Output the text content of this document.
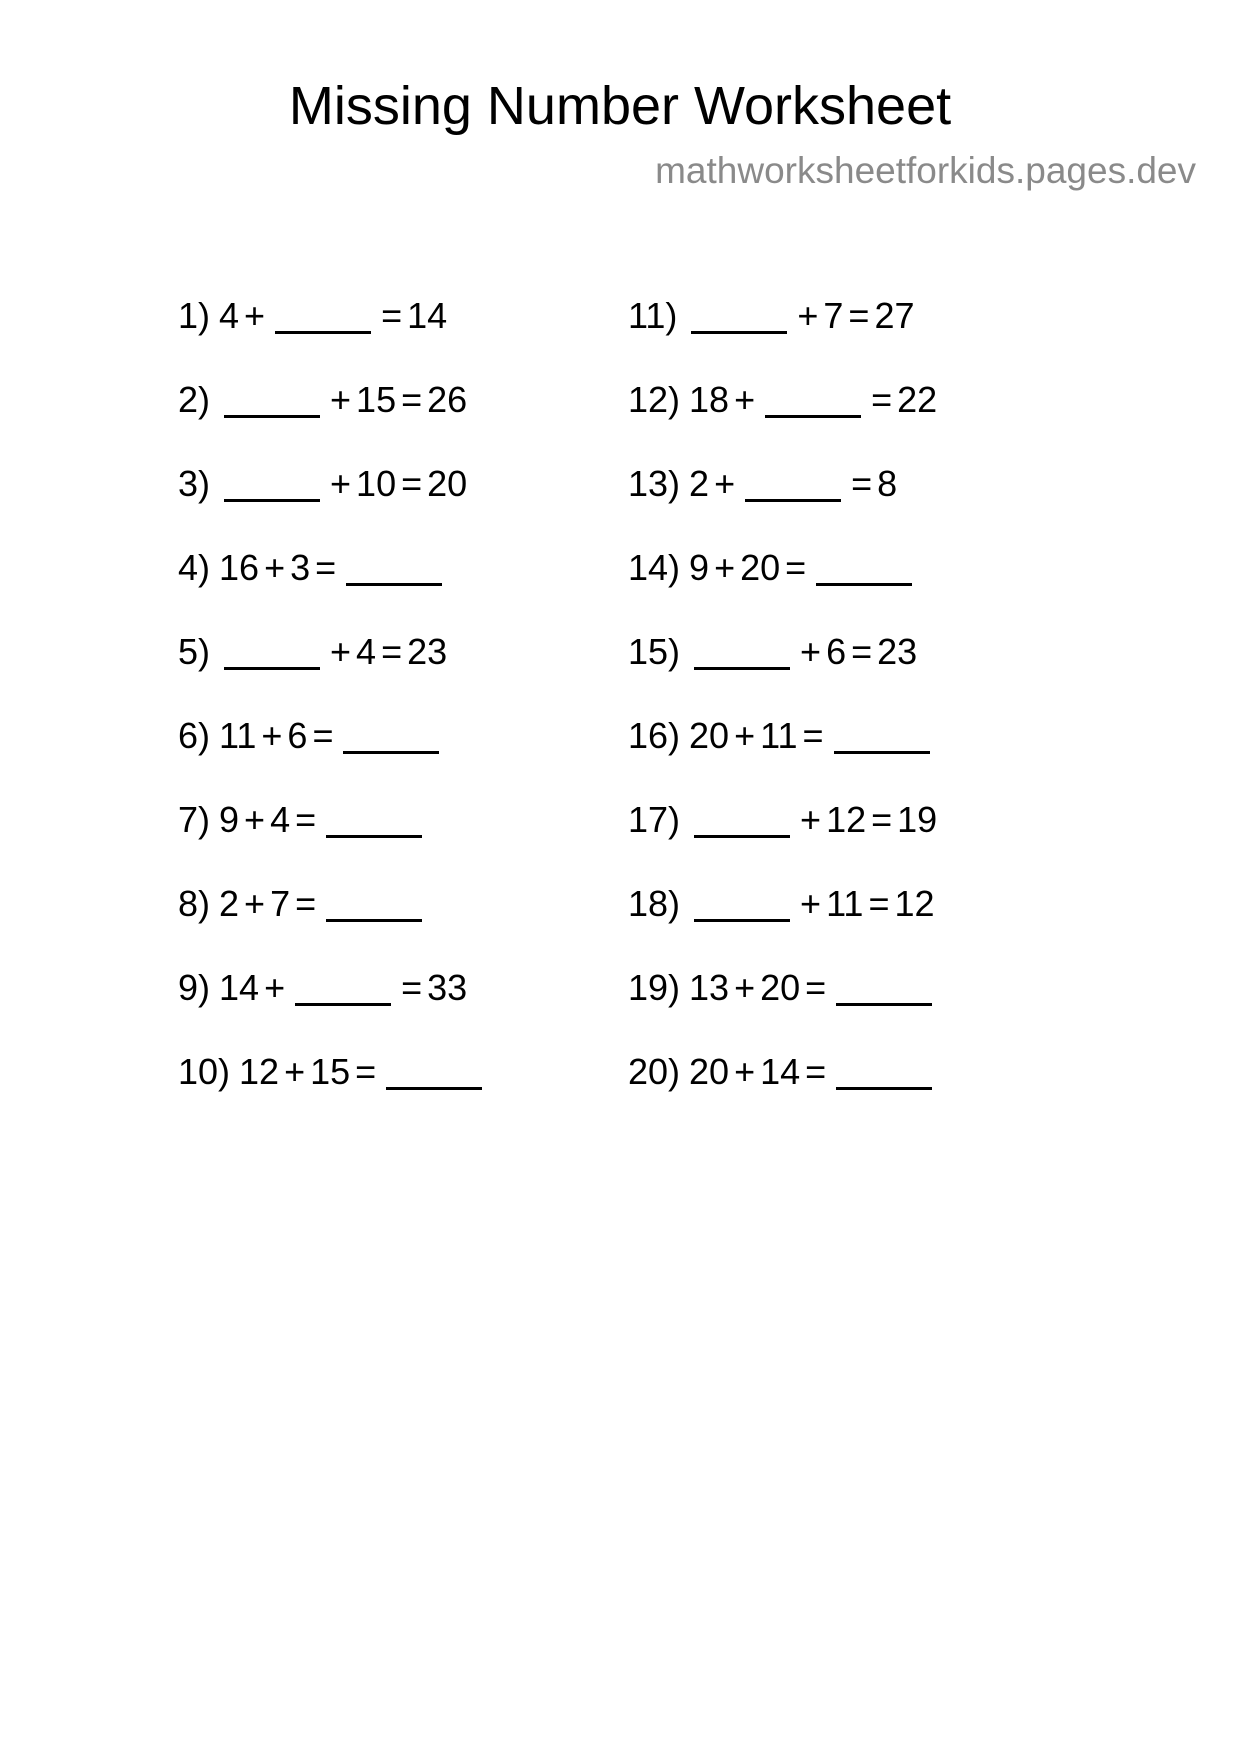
Missing Number Worksheet
mathworksheetforkids.pages.dev
1) 4 +	= 14
2)	+ 15 = 26
3)	+ 10 = 20
4) 16 + 3 =
5)	+ 4 = 23
6) 11 + 6 =
7) 9 + 4 =
8) 2 + 7 =
9) 14 +	= 33
10) 12 + 15 =
11)	+ 7 = 27
12) 18 +	= 22
13) 2 +	= 8
14) 9 + 20 =
15)	+ 6 = 23
16) 20 + 11 =
17)	+ 12 = 19
18)	+ 11 = 12
19) 13 + 20 =
20) 20 + 14 =
